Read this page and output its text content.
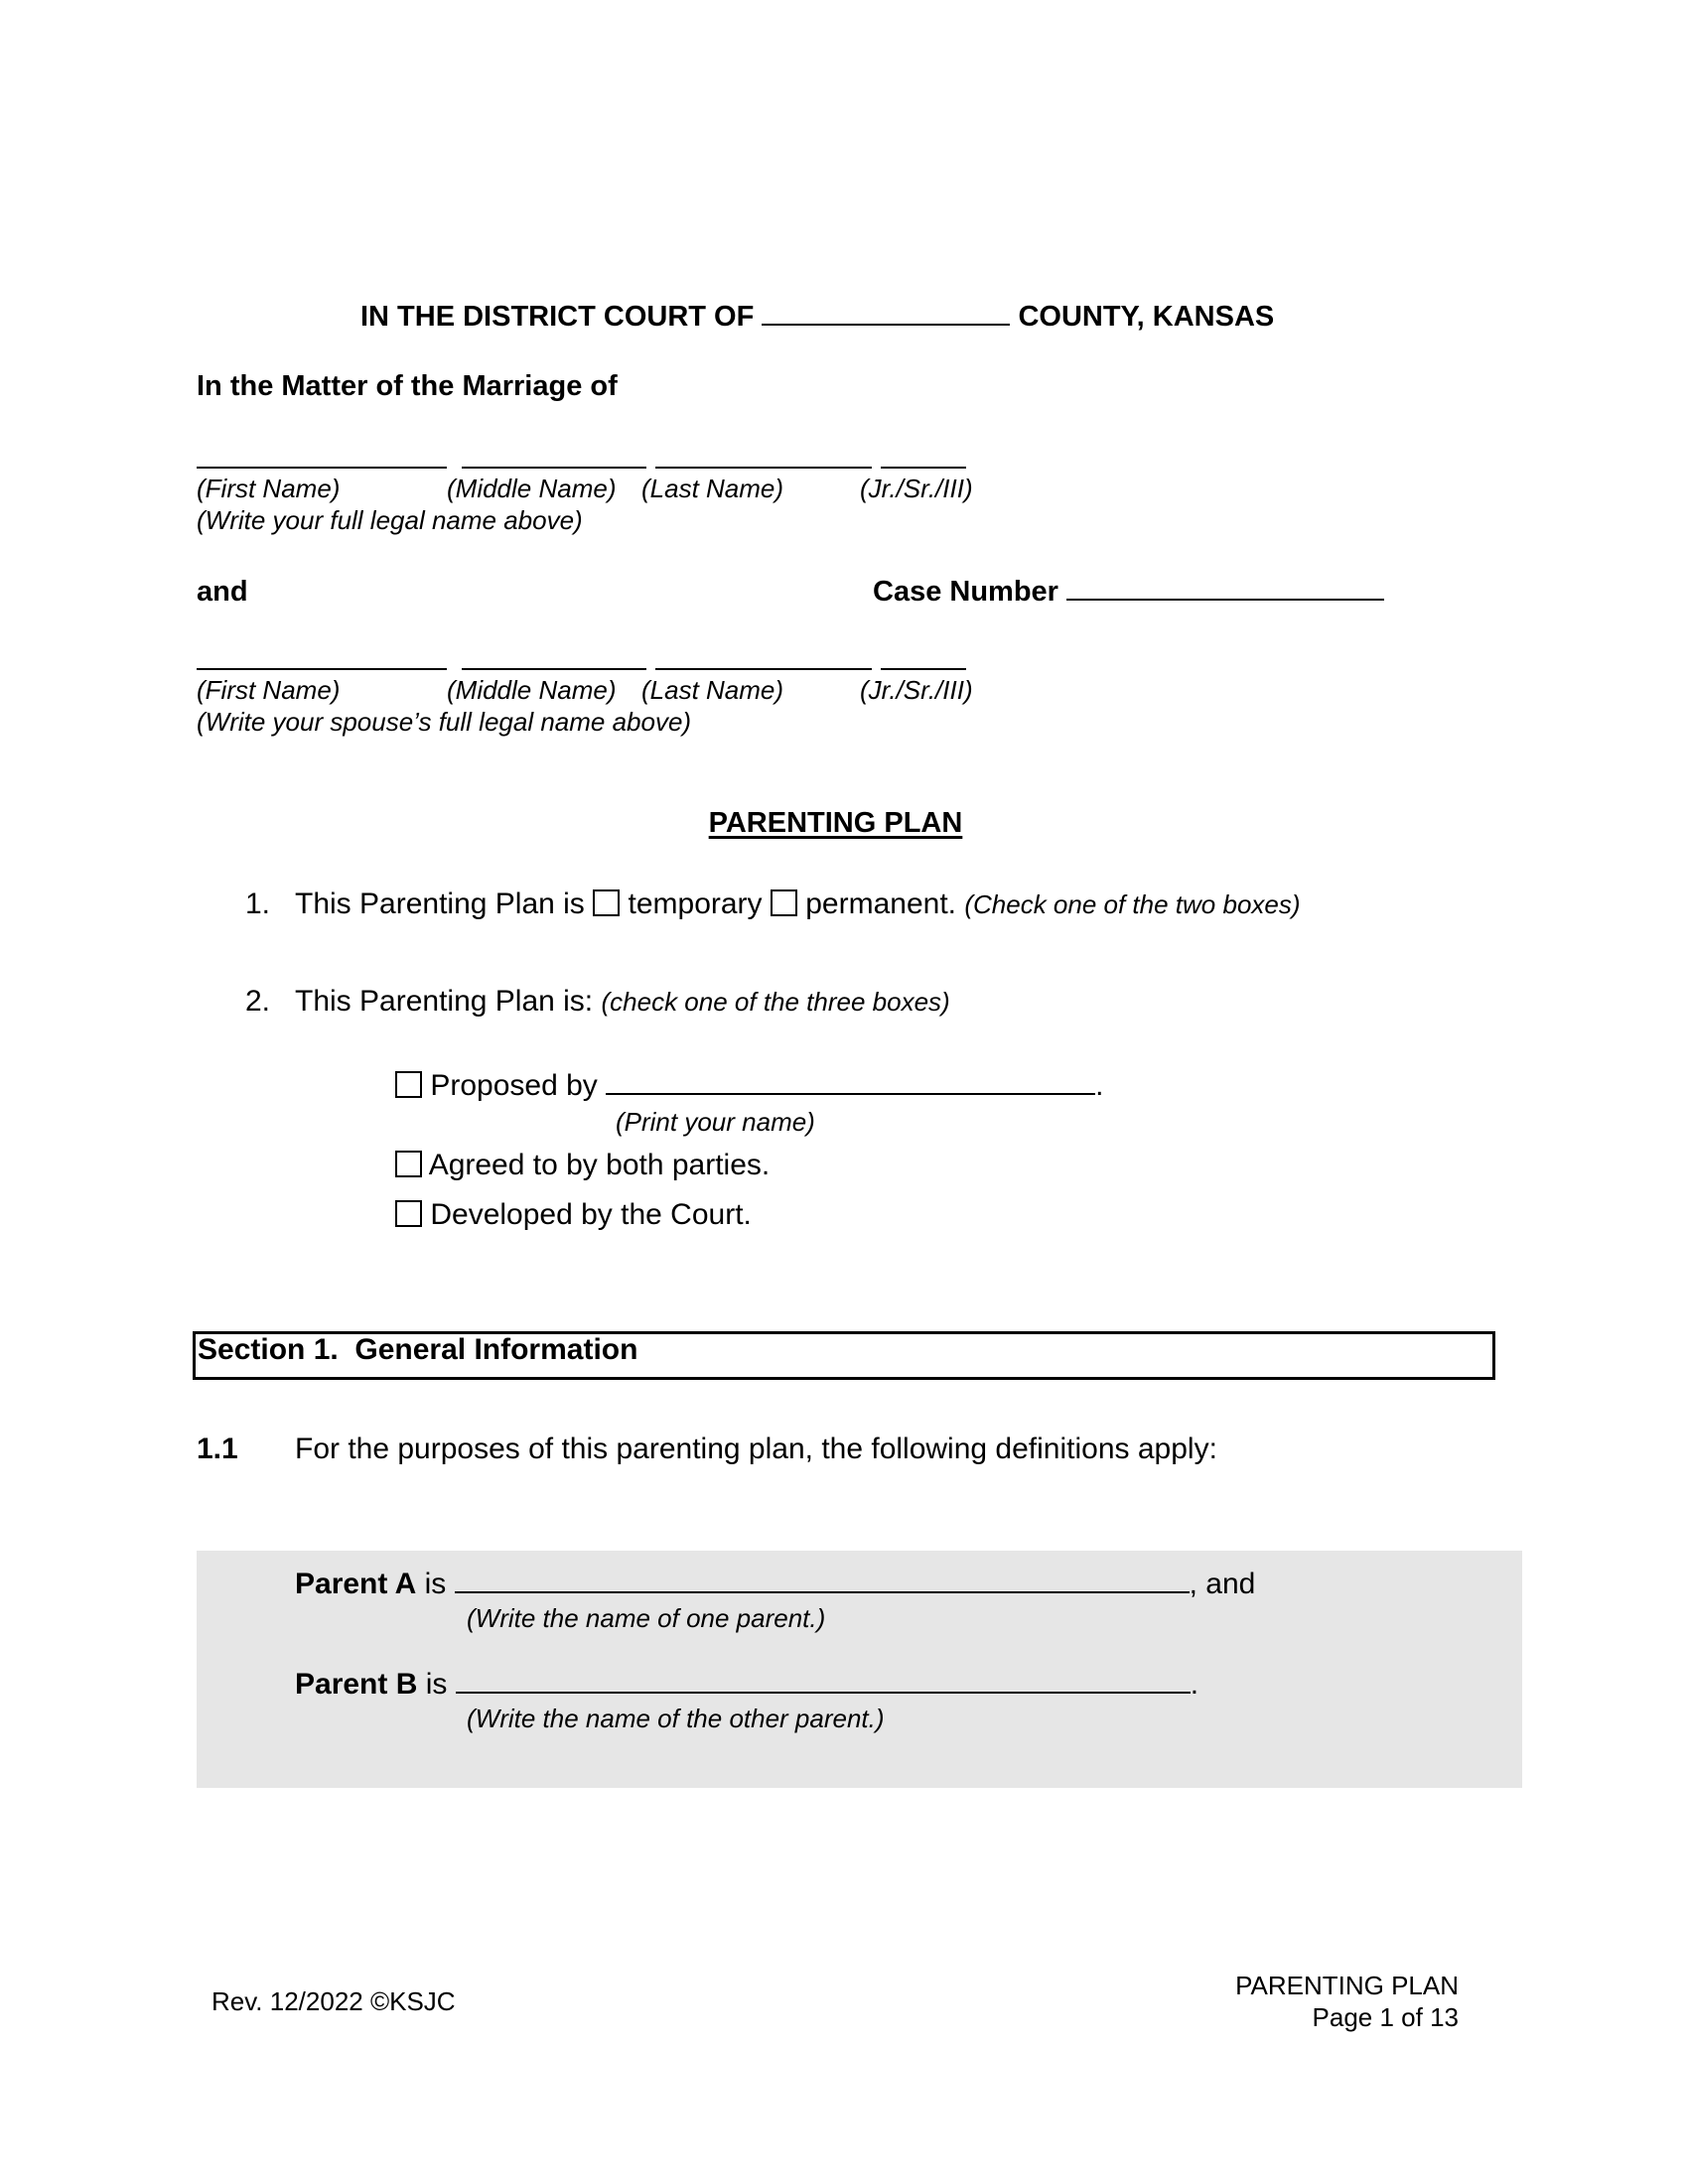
IN THE DISTRICT COURT OF	COUNTY, KANSAS
In the Matter of the Marriage of
(First Name)	(Middle Name) (Last Name)	(Jr./Sr./III)
(Write your full legal name above)
and	Case Number
(First Name)	(Middle Name) (Last Name)	(Jr./Sr./III)
(Write your spouse’s full legal name above)
PARENTING PLAN
1. This Parenting Plan is temporary permanent. (Check one of the two boxes)
2. This Parenting Plan is: (check one of the three boxes)
Proposed by	.
(Print your name)
Agreed to by both parties.
Developed by the Court.
Section 1.  General Information
1.1 For the purposes of this parenting plan, the following definitions apply:
Parent A is	, and
(Write the name of one parent.)
Parent B is	.
(Write the name of the other parent.)
Rev. 12/2022 ©KSJC
PARENTING PLAN
Page 1 of 13
